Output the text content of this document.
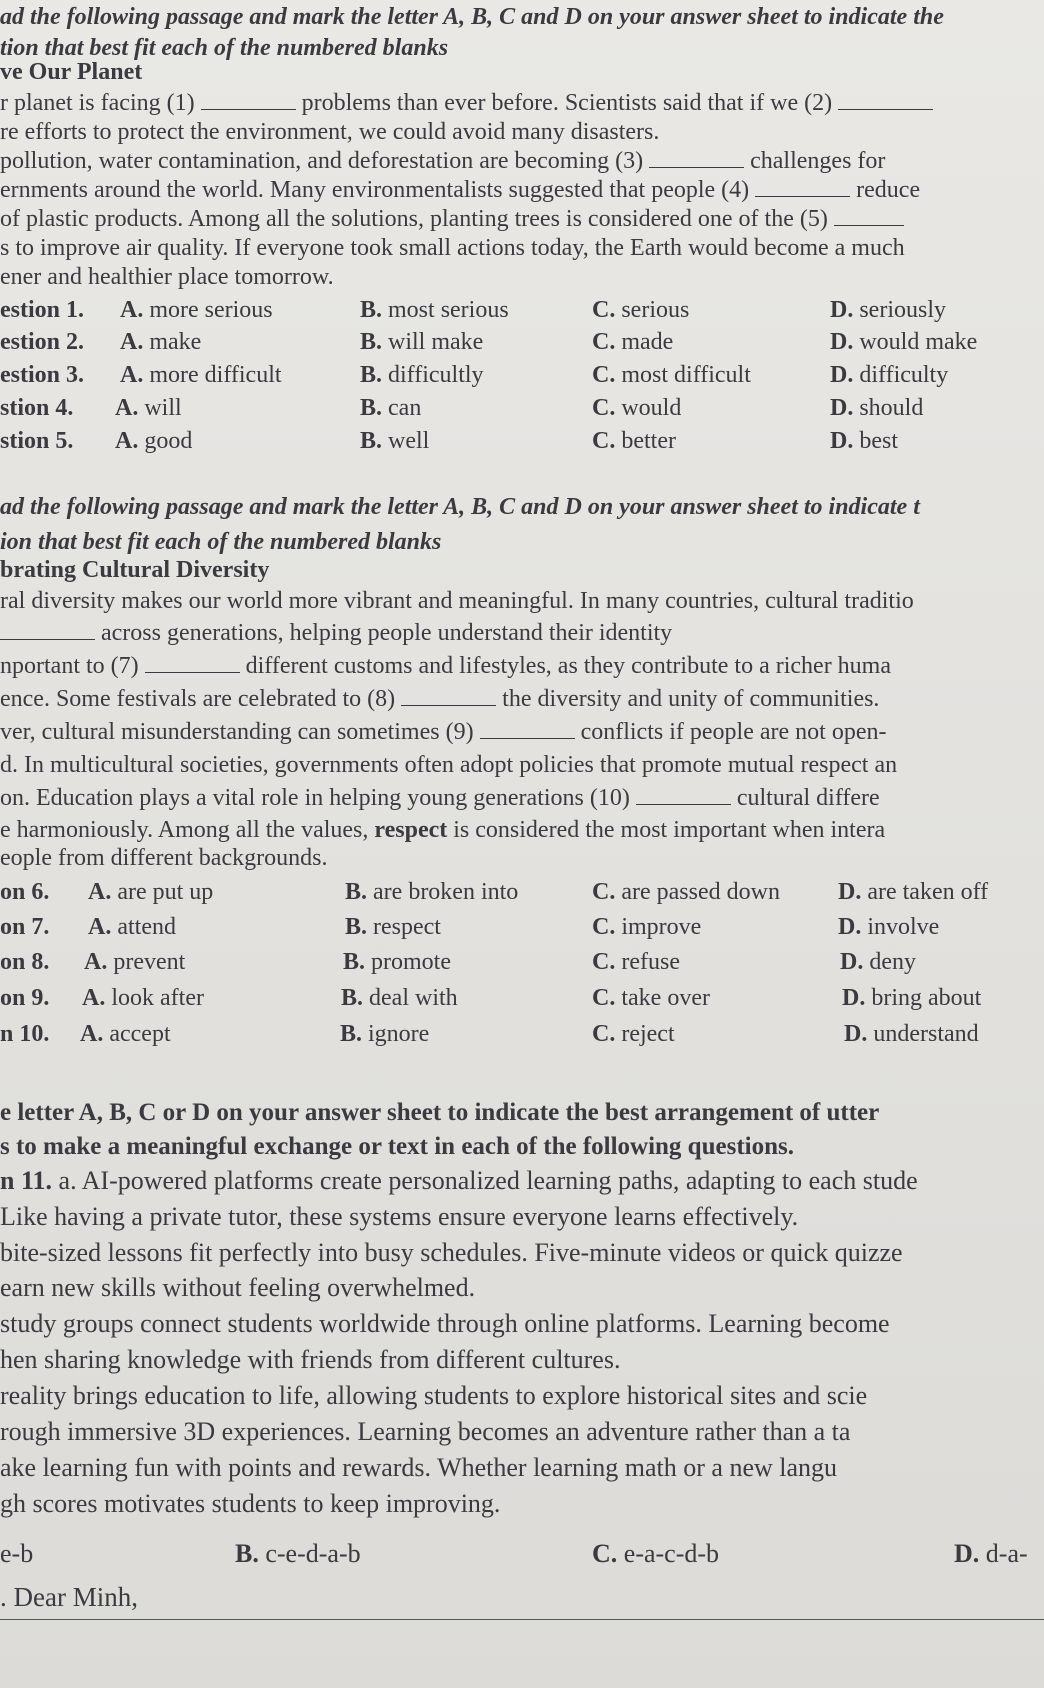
ad the following passage and mark the letter A, B, C and D on your answer sheet to indicate the
tion that best fit each of the numbered blanks
ve Our Planet
r planet is facing (1)	problems than ever before. Scientists said that if we (2)
re efforts to protect the environment, we could avoid many disasters.
pollution, water contamination, and deforestation are becoming (3)	challenges for
ernments around the world. Many environmentalists suggested that people (4)	reduce
of plastic products. Among all the solutions, planting trees is considered one of the (5)
s to improve air quality. If everyone took small actions today, the Earth would become a much
ener and healthier place tomorrow.
estion 1. A. more serious	B. most serious	C. serious	D. seriously
estion 2. A. make	B. will make	C. made	D. would make
estion 3. A. more difficult	B. difficultly	C. most difficult	D. difficulty
stion 4. A. will	B. can	C. would	D. should
stion 5. A. good	B. well	C. better	D. best
ad the following passage and mark the letter A, B, C and D on your answer sheet to indicate t
ion that best fit each of the numbered blanks
brating Cultural Diversity
ral diversity makes our world more vibrant and meaningful. In many countries, cultural traditio
across generations, helping people understand their identity
nportant to (7)	different customs and lifestyles, as they contribute to a richer huma
ence. Some festivals are celebrated to (8)	the diversity and unity of communities.
ver, cultural misunderstanding can sometimes (9)	conflicts if people are not open-
d. In multicultural societies, governments often adopt policies that promote mutual respect an
on. Education plays a vital role in helping young generations (10)	cultural differe
e harmoniously. Among all the values, respect is considered the most important when intera
eople from different backgrounds.
on 6. A. are put up	B. are broken into	C. are passed down D. are taken off
on 7. A. attend	B. respect	C. improve	D. involve
on 8. A. prevent	B. promote	C. refuse	D. deny
on 9. A. look after	B. deal with	C. take over	D. bring about
n 10. A. accept	B. ignore	C. reject	D. understand
e letter A, B, C or D on your answer sheet to indicate the best arrangement of utter
s to make a meaningful exchange or text in each of the following questions.
n 11. a. AI-powered platforms create personalized learning paths, adapting to each stude
Like having a private tutor, these systems ensure everyone learns effectively.
bite-sized lessons fit perfectly into busy schedules. Five-minute videos or quick quizze
earn new skills without feeling overwhelmed.
study groups connect students worldwide through online platforms. Learning become
hen sharing knowledge with friends from different cultures.
reality brings education to life, allowing students to explore historical sites and scie
rough immersive 3D experiences. Learning becomes an adventure rather than a ta
ake learning fun with points and rewards. Whether learning math or a new langu
gh scores motivates students to keep improving.
e-b	B. c-e-d-a-b	C. e-a-c-d-b	D. d-a-
. Dear Minh,
